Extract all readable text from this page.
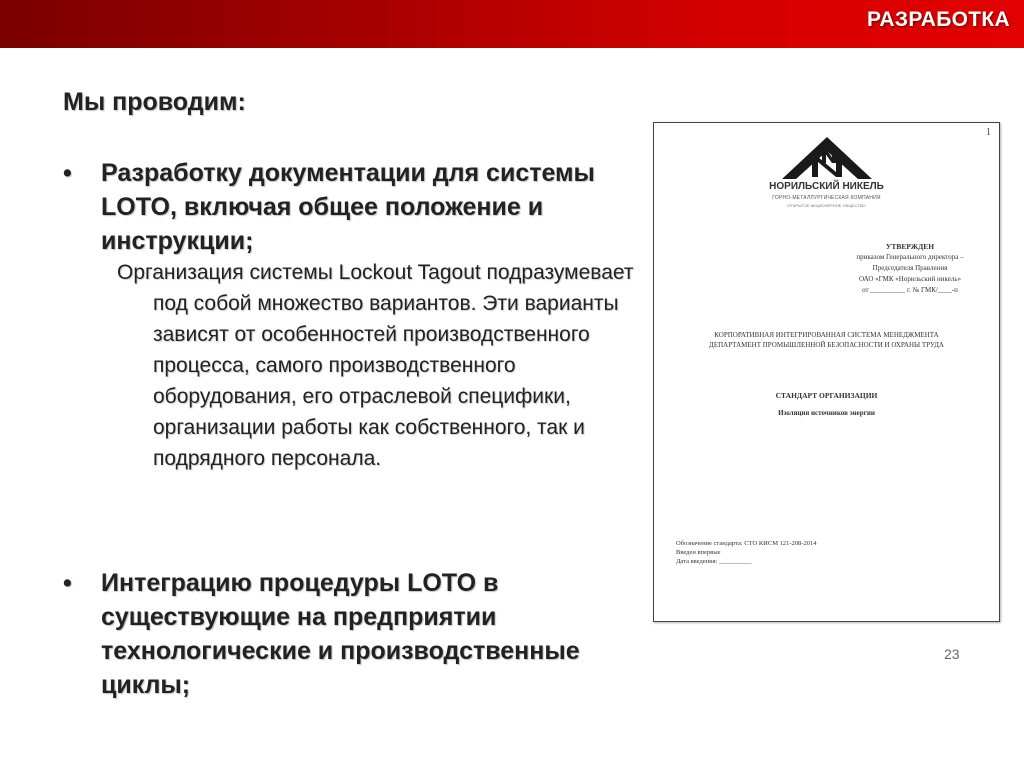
РАЗРАБОТКА
Мы проводим:
• Разработку документации для системы LOTO, включая общее положение и инструкции;
Организация системы Lockout Tagout подразумевает под собой множество вариантов. Эти варианты зависят от особенностей производственного процесса, самого производственного оборудования, его отраслевой специфики, организации работы как собственного, так и подрядного персонала.
• Интеграцию процедуры LOTO в существующие на предприятии технологические и производственные циклы;
1
НОРИЛЬСКИЙ НИКЕЛЬ
ГОРНО-МЕТАЛЛУРГИЧЕСКАЯ КОМПАНИЯ
ОТКРЫТОЕ АКЦИОНЕРНОЕ ОБЩЕСТВО
УТВЕРЖДЕН
приказом Генерального директора –
Председателя Правления
ОАО «ГМК «Норильский никель»
от __________ г. № ГМК/____-п
КОРПОРАТИВНАЯ ИНТЕГРИРОВАННАЯ СИСТЕМА МЕНЕДЖМЕНТА
ДЕПАРТАМЕНТ ПРОМЫШЛЕННОЙ БЕЗОПАСНОСТИ И ОХРАНЫ ТРУДА
СТАНДАРТ ОРГАНИЗАЦИИ
Изоляция источников энергии
Обозначение стандарта: СТО КИСМ 121-208-2014
Введен впервые
Дата введения: __________
23
